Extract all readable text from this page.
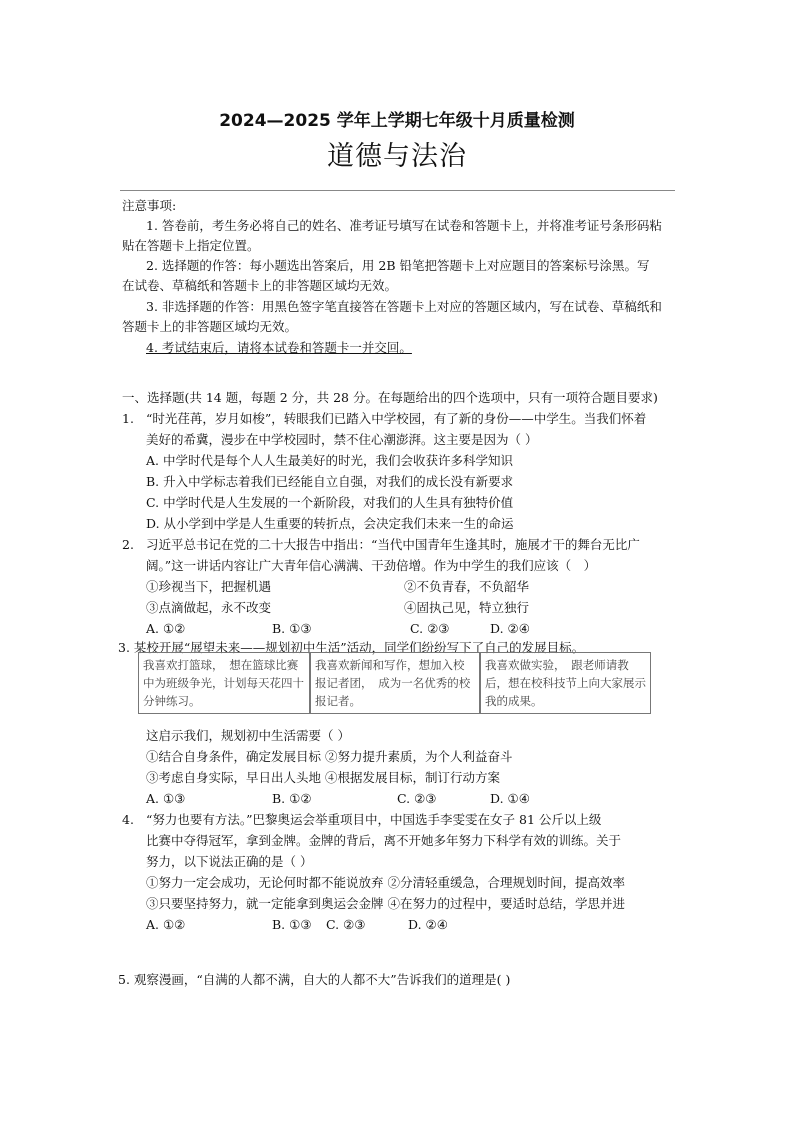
2024—2025 学年上学期七年级十月质量检测
道德与法治
注意事项:
1. 答卷前，考生务必将自己的姓名、准考证号填写在试卷和答题卡上，并将准考证号条形码粘
贴在答题卡上指定位置。
2. 选择题的作答：每小题选出答案后，用 2B 铅笔把答题卡上对应题目的答案标号涂黑。写
在试卷、草稿纸和答题卡上的非答题区域均无效。
3. 非选择题的作答：用黑色签字笔直接答在答题卡上对应的答题区域内，写在试卷、草稿纸和
答题卡上的非答题区域均无效。
4. 考试结束后，请将本试卷和答题卡一并交回。
一、选择题(共 14 题，每题 2 分，共 28 分。在每题给出的四个选项中，只有一项符合题目要求)
1. “时光荏苒，岁月如梭”，转眼我们已踏入中学校园，有了新的身份——中学生。当我们怀着
美好的希冀，漫步在中学校园时，禁不住心潮澎湃。这主要是因为（ ）
A. 中学时代是每个人人生最美好的时光，我们会收获许多科学知识
B. 升入中学标志着我们已经能自立自强，对我们的成长没有新要求
C. 中学时代是人生发展的一个新阶段，对我们的人生具有独特价值
D. 从小学到中学是人生重要的转折点，会决定我们未来一生的命运
2. 习近平总书记在党的二十大报告中指出：“当代中国青年生逢其时，施展才干的舞台无比广
阔。”这一讲话内容让广大青年信心满满、干劲倍增。作为中学生的我们应该（　）
①珍视当下，把握机遇	②不负青春，不负韶华
③点滴做起，永不改变	④固执己见，特立独行
A. ①②	B. ①③	C. ②③	D. ②④
3. 某校开展“展望未来——规划初中生活”活动，同学们纷纷写下了自己的发展目标。
我喜欢打篮球，　想在篮球比赛中为班级争光，计划每天花四十分钟练习。
我喜欢新闻和写作，想加入校报记者团，　成为一名优秀的校报记者。
我喜欢做实验，　跟老师请教后，想在校科技节上向大家展示我的成果。
这启示我们，规划初中生活需要（ ）
①结合自身条件，确定发展目标 ②努力提升素质，为个人利益奋斗
③考虑自身实际，早日出人头地 ④根据发展目标，制订行动方案
A. ①③	B. ①②	C. ②③	D. ①④
4. “努力也要有方法。”巴黎奥运会举重项目中，中国选手李雯雯在女子 81 公斤以上级
比赛中夺得冠军，拿到金牌。金牌的背后，离不开她多年努力下科学有效的训练。关于
努力，以下说法正确的是（ ）
①努力一定会成功，无论何时都不能说放弃 ②分清轻重缓急，合理规划时间，提高效率
③只要坚持努力，就一定能拿到奥运会金牌 ④在努力的过程中，要适时总结，学思并进
A. ①②	B. ①③ C. ②③	D. ②④
5. 观察漫画，“自满的人都不满，自大的人都不大”告诉我们的道理是( )
